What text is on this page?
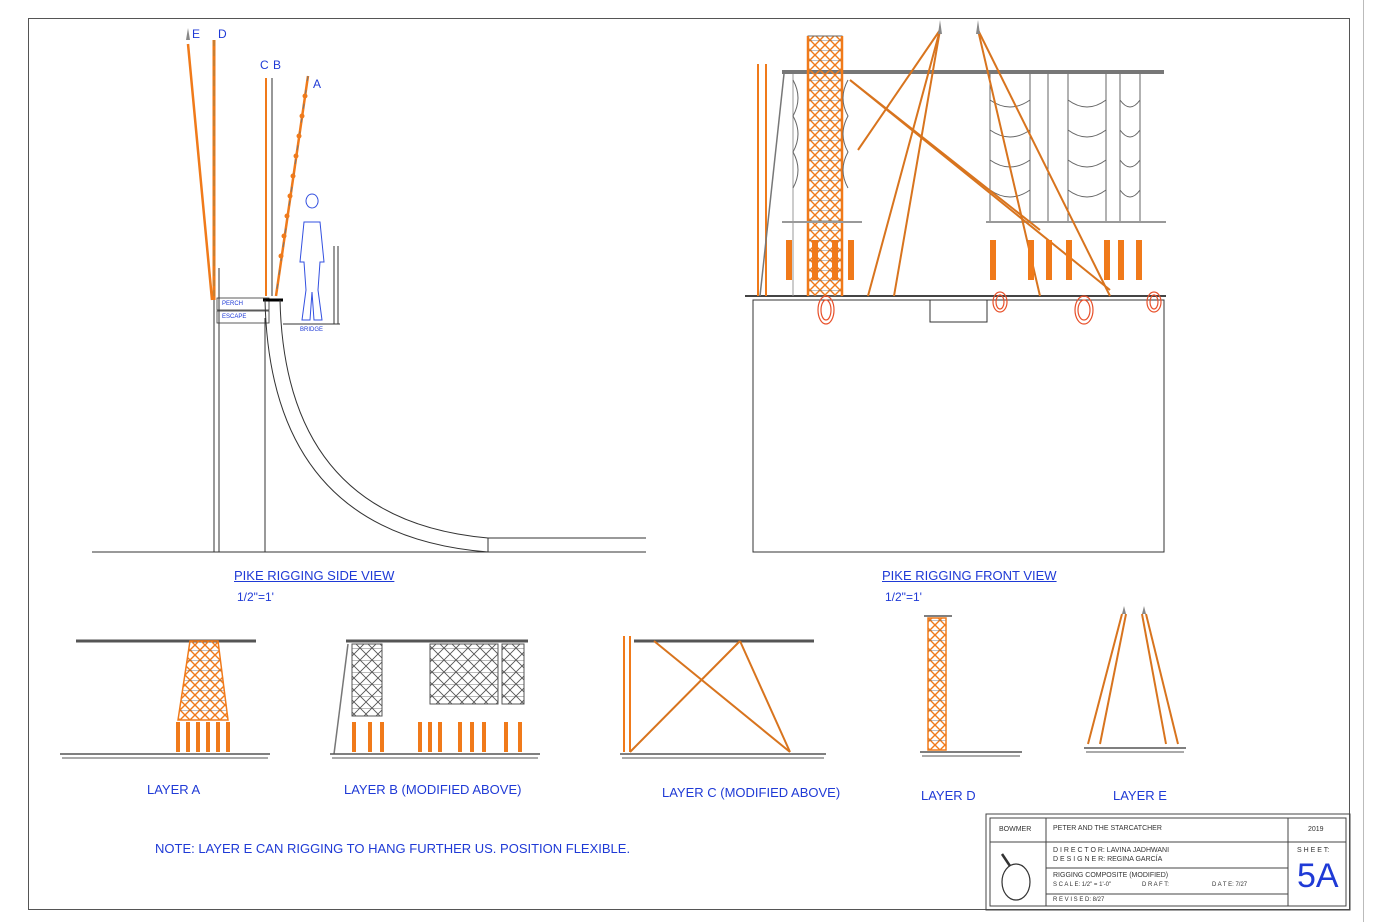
PIKE RIGGING SIDE VIEW
1/2"=1'
PERCH
ESCAPE
BRIDGE
E D
C B
A
PIKE RIGGING FRONT VIEW
1/2"=1'
LAYER A	LAYER B (MODIFIED ABOVE)	LAYER C (MODIFIED ABOVE)	LAYER D	LAYER E
NOTE: LAYER E CAN RIGGING TO HANG FURTHER US. POSITION FLEXIBLE.
BOWMER	PETER AND THE STARCATCHER	2019
D I R E C T O R: LAVINA JADHWANI
D E S I G N E R: REGINA GARCÍA
S H E E T:
RIGGING COMPOSITE (MODIFIED)
S C A L E: 1/2" = 1'-0"	D R A F T:	D A T E: 7/27
R E V I S E D: 8/27
5A
